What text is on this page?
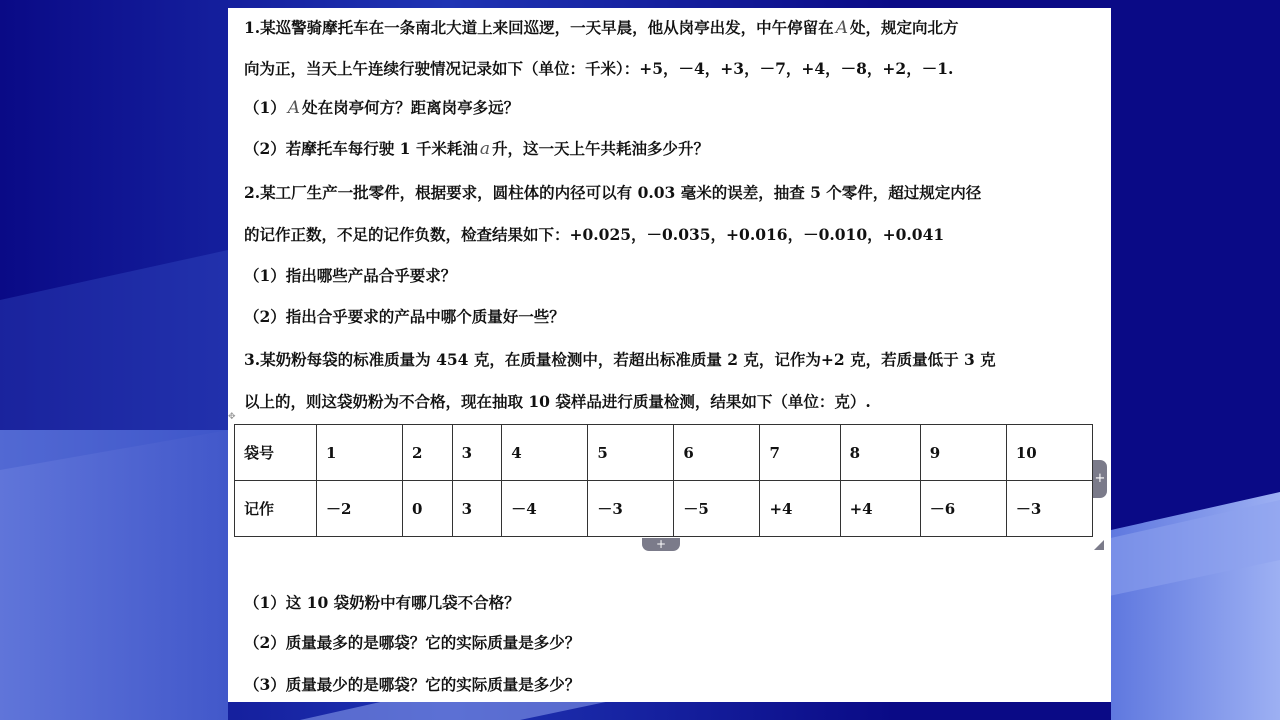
1.某巡警骑摩托车在一条南北大道上来回巡逻，一天早晨，他从岗亭出发，中午停留在 A 处，规定向北方
向为正，当天上午连续行驶情况记录如下（单位：千米）：+5，－4，+3，－7，+4，－8，+2，－1.
（1） A 处在岗亭何方？距离岗亭多远？
（2）若摩托车每行驶 1 千米耗油 a 升，这一天上午共耗油多少升？
2.某工厂生产一批零件，根据要求，圆柱体的内径可以有 0.03 毫米的误差，抽查 5 个零件，超过规定内径
的记作正数，不足的记作负数，检查结果如下：+0.025，－0.035，+0.016，－0.010，+0.041
（1）指出哪些产品合乎要求？
（2）指出合乎要求的产品中哪个质量好一些？
3.某奶粉每袋的标准质量为 454 克，在质量检测中，若超出标准质量 2 克，记作为+2 克，若质量低于 3 克
以上的，则这袋奶粉为不合格，现在抽取 10 袋样品进行质量检测，结果如下（单位：克）.
✥
袋号	1	2	3	4	5	6	7	8	9	10
记作	－2	0	3	－4	－3	－5	+4	+4	－6	－3
+
+
（1）这 10 袋奶粉中有哪几袋不合格？
（2）质量最多的是哪袋？它的实际质量是多少？
（3）质量最少的是哪袋？它的实际质量是多少？
